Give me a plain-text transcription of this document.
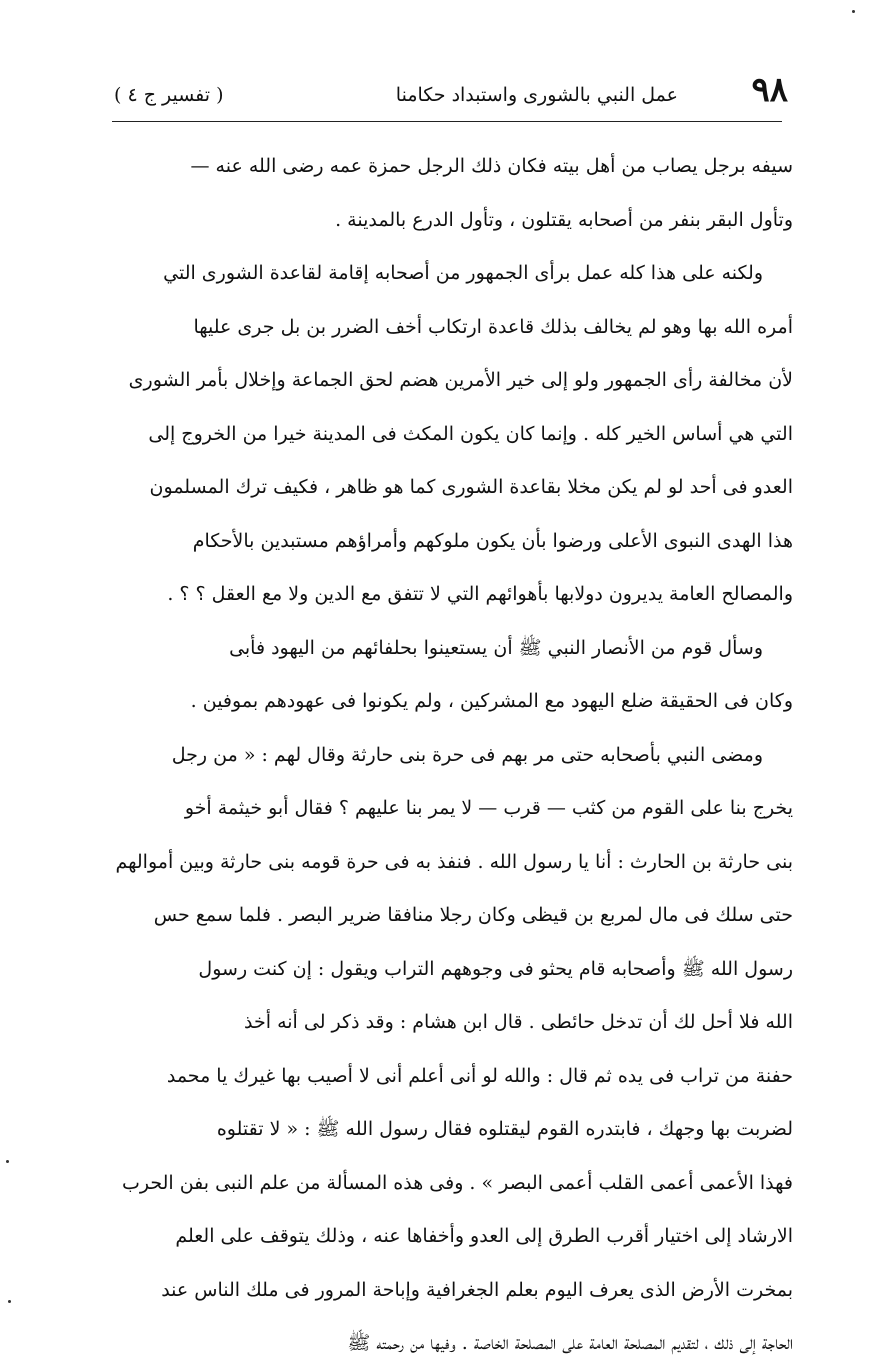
٩٨
عمل النبي بالشورى واستبداد حكامنا
( تفسير ج ٤ )
سيفه برجل يصاب من أهل بيته فكان ذلك الرجل حمزة عمه رضى الله عنه —
وتأول البقر بنفر من أصحابه يقتلون ، وتأول الدرع بالمدينة .
ولكنه على هذا كله عمل برأى الجمهور من أصحابه إقامة لقاعدة الشورى التي
أمره الله بها وهو لم يخالف بذلك قاعدة ارتكاب أخف الضرر بن بل جرى عليها
لأن مخالفة رأى الجمهور ولو إلى خير الأمرين هضم لحق الجماعة وإخلال بأمر الشورى
التي هي أساس الخير كله . وإنما كان يكون المكث فى المدينة خيرا من الخروج إلى
العدو فى أحد لو لم يكن مخلا بقاعدة الشورى كما هو ظاهر ، فكيف ترك المسلمون
هذا الهدى النبوى الأعلى ورضوا بأن يكون ملوكهم وأمراؤهم مستبدين بالأحكام
والمصالح العامة يديرون دولابها بأهوائهم التي لا تتفق مع الدين ولا مع العقل ؟ ؟ .
وسأل قوم من الأنصار النبي ﷺ أن يستعينوا بحلفائهم من اليهود فأبى
وكان فى الحقيقة ضلع اليهود مع المشركين ، ولم يكونوا فى عهودهم بموفين .
ومضى النبي بأصحابه حتى مر بهم فى حرة بنى حارثة وقال لهم : « من رجل
يخرج بنا على القوم من كثب — قرب — لا يمر بنا عليهم ؟ فقال أبو خيثمة أخو
بنى حارثة بن الحارث : أنا يا رسول الله . فنفذ به فى حرة قومه بنى حارثة وبين أموالهم
حتى سلك فى مال لمربع بن قيظى وكان رجلا منافقا ضرير البصر . فلما سمع حس
رسول الله ﷺ وأصحابه قام يحثو فى وجوههم التراب ويقول : إن كنت رسول
الله فلا أحل لك أن تدخل حائطى . قال ابن هشام : وقد ذكر لى أنه أخذ
حفنة من تراب فى يده ثم قال : والله لو أنى أعلم أنى لا أصيب بها غيرك يا محمد
لضربت بها وجهك ، فابتدره القوم ليقتلوه فقال رسول الله ﷺ : « لا تقتلوه
فهذا الأعمى أعمى القلب أعمى البصر » . وفى هذه المسألة من علم النبى بفن الحرب
الارشاد إلى اختيار أقرب الطرق إلى العدو وأخفاها عنه ، وذلك يتوقف على العلم
بمخرت الأرض الذى يعرف اليوم بعلم الجغرافية وإباحة المرور فى ملك الناس عند
الحاجة إلى ذلك ، لتقديم المصلحة العامة على المصلحة الخاصة . وفيها من رحمته ﷺ
